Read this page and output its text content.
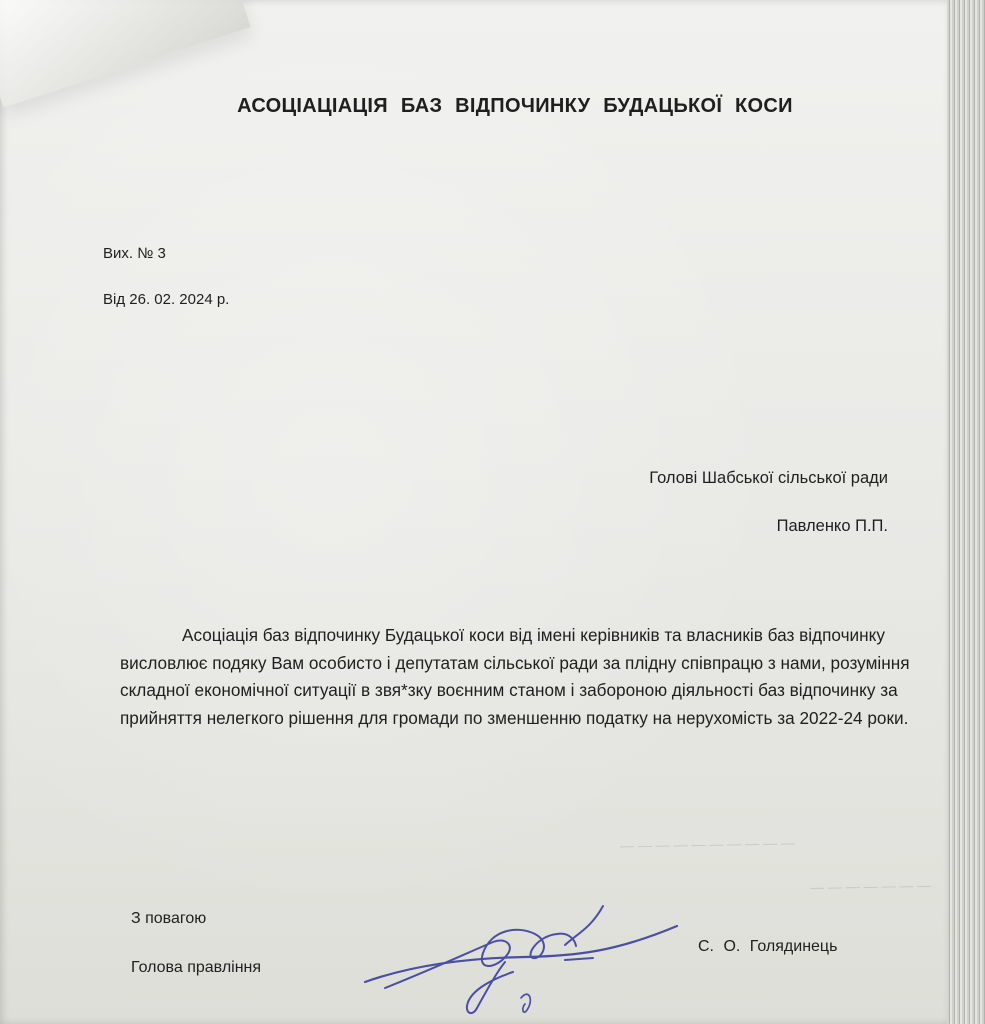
АСОЦІАЦІАЦІЯ БАЗ ВІДПОЧИНКУ БУДАЦЬКОЇ КОСИ
Вих. № 3
Від 26. 02. 2024 р.
Голові Шабської сільської ради
Павленко П.П.
Асоціація баз відпочинку Будацької коси від імені керівників та власників баз відпочинку висловлює подяку Вам особисто і депутатам сільської ради за плідну співпрацю з нами, розуміння складної економічної ситуації в звя*зку воєнним станом і забороною діяльності баз відпочинку за прийняття нелегкого рішення для громади по зменшенню податку на нерухомість за 2022-24 роки.
З повагою
Голова правління
С. О. Голядинець
— — — — — — — — — —
— — — — — — —
